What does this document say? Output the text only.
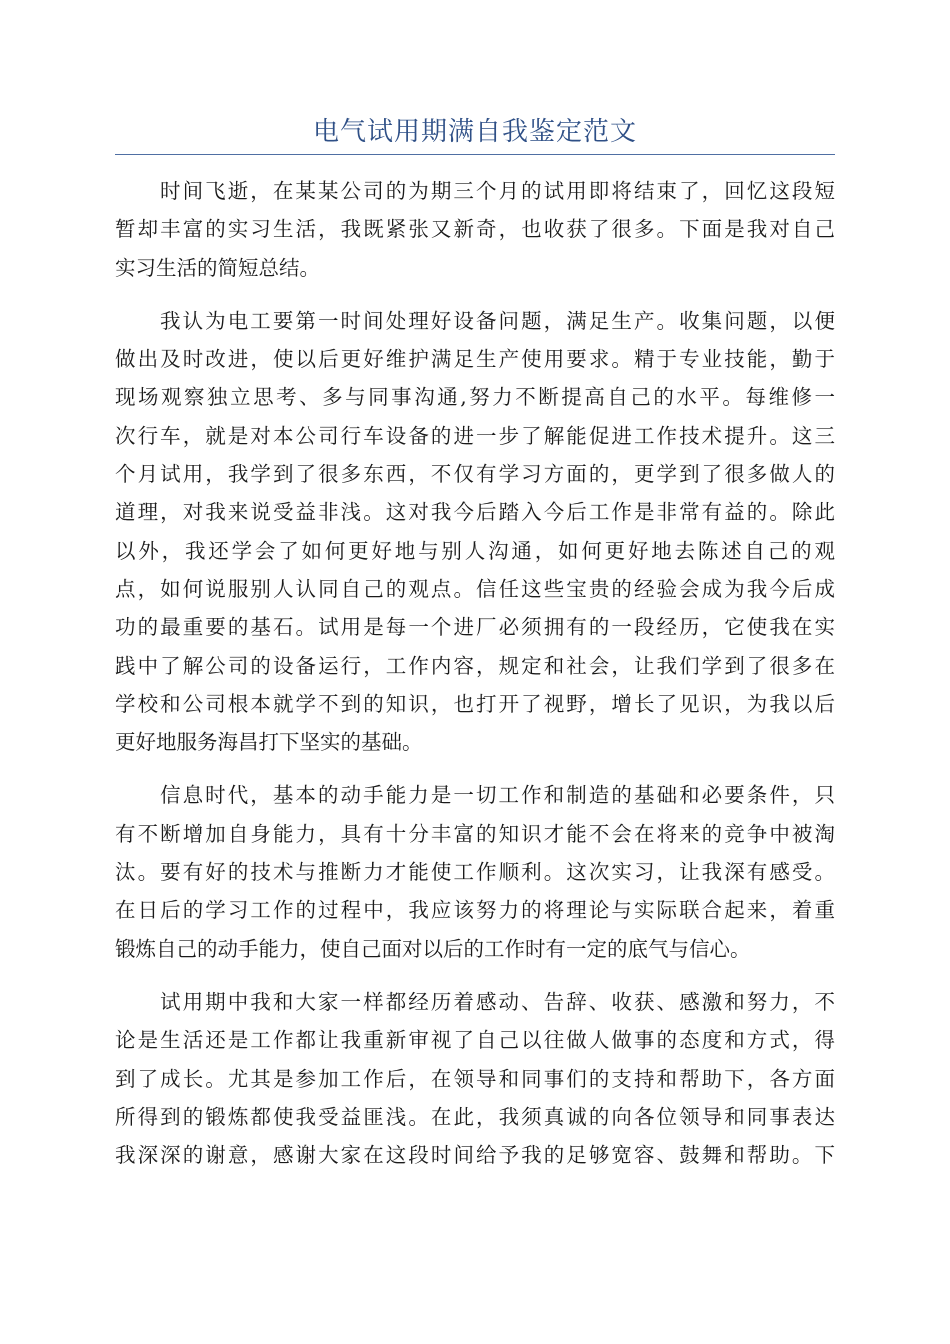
电气试用期满自我鉴定范文

时间飞逝，在某某公司的为期三个月的试用即将结束了，回忆这段短
暂却丰富的实习生活，我既紧张又新奇，也收获了很多。下面是我对自己
实习生活的简短总结。

我认为电工要第一时间处理好设备问题，满足生产。收集问题，以便
做出及时改进，使以后更好维护满足生产使用要求。精于专业技能，勤于
现场观察独立思考、多与同事沟通,努力不断提高自己的水平。每维修一
次行车，就是对本公司行车设备的进一步了解能促进工作技术提升。这三
个月试用，我学到了很多东西，不仅有学习方面的，更学到了很多做人的
道理，对我来说受益非浅。这对我今后踏入今后工作是非常有益的。除此
以外，我还学会了如何更好地与别人沟通，如何更好地去陈述自己的观
点，如何说服别人认同自己的观点。信任这些宝贵的经验会成为我今后成
功的最重要的基石。试用是每一个进厂必须拥有的一段经历，它使我在实
践中了解公司的设备运行，工作内容，规定和社会，让我们学到了很多在
学校和公司根本就学不到的知识，也打开了视野，增长了见识，为我以后
更好地服务海昌打下坚实的基础。

信息时代，基本的动手能力是一切工作和制造的基础和必要条件，只
有不断增加自身能力，具有十分丰富的知识才能不会在将来的竞争中被淘
汰。要有好的技术与推断力才能使工作顺利。这次实习，让我深有感受。
在日后的学习工作的过程中，我应该努力的将理论与实际联合起来，着重
锻炼自己的动手能力，使自己面对以后的工作时有一定的底气与信心。

试用期中我和大家一样都经历着感动、告辞、收获、感激和努力，不
论是生活还是工作都让我重新审视了自己以往做人做事的态度和方式，得
到了成长。尤其是参加工作后，在领导和同事们的支持和帮助下，各方面
所得到的锻炼都使我受益匪浅。在此，我须真诚的向各位领导和同事表达
我深深的谢意，感谢大家在这段时间给予我的足够宽容、鼓舞和帮助。下
